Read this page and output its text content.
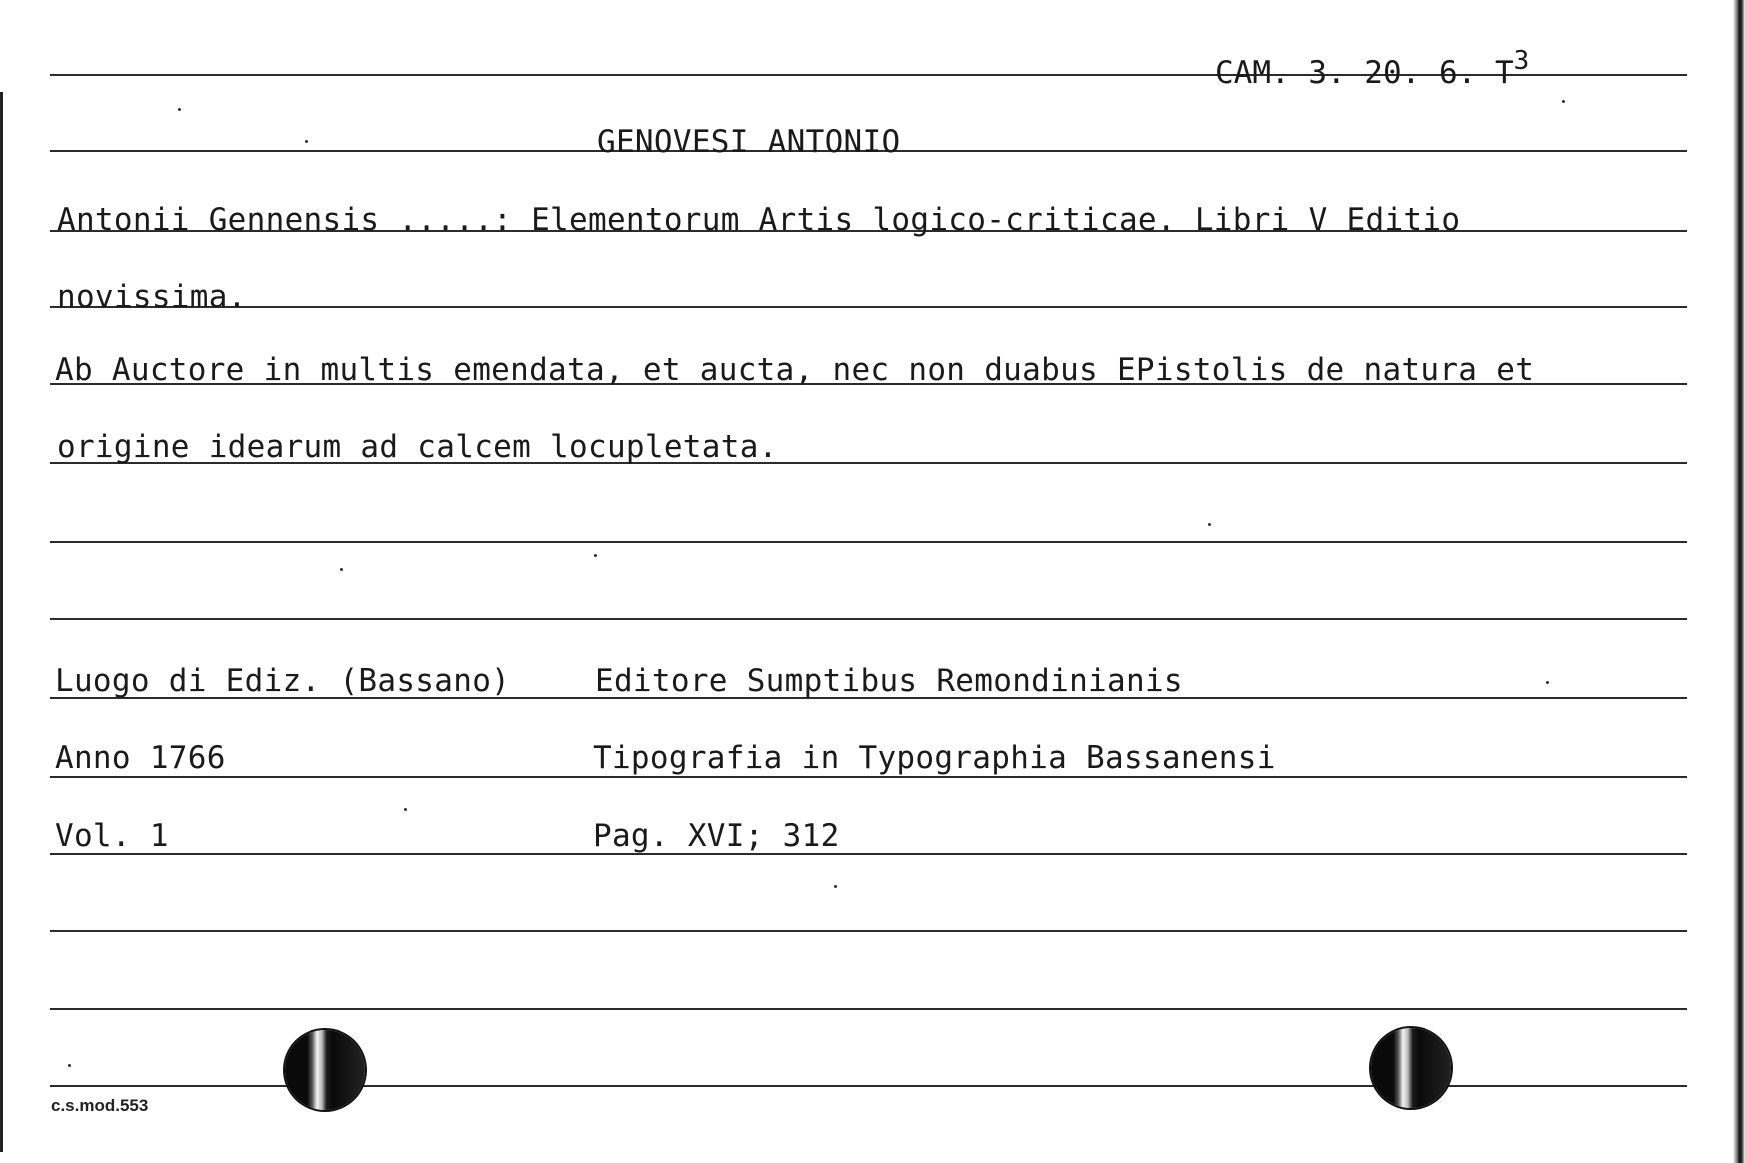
CAM. 3. 20. 6. $T^3$
GENOVESI ANTONIO
Antonii Gennensis .....: Elementorum Artis logico-criticae. Libri V Editio
novissima.
Ab Auctore in multis emendata, et aucta, nec non duabus EPistolis de natura et
origine idearum ad calcem locupletata.
Luogo di Ediz. (Bassano)	Editore Sumptibus Remondinianis
Anno 1766	Tipografia in Typographia Bassanensi
Vol. 1	Pag. XVI; 312
c.s.mod.553
